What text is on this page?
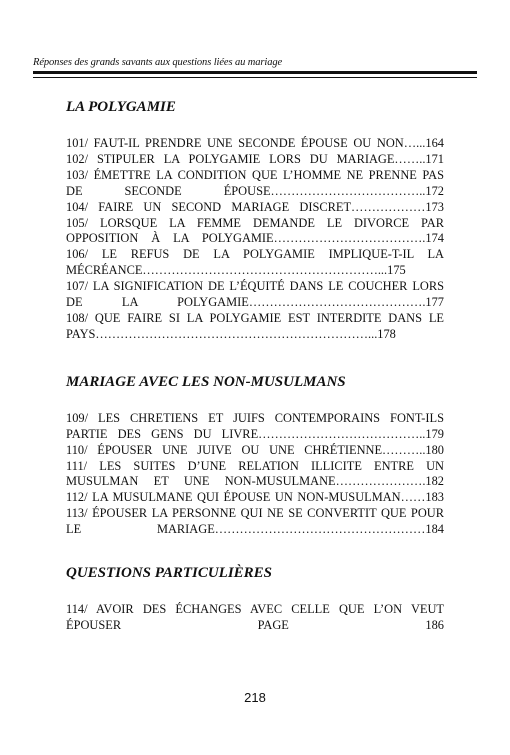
Réponses des grands savants aux questions liées au mariage
LA POLYGAMIE
101/ FAUT-IL PRENDRE UNE SECONDE ÉPOUSE OU NON…...164
102/ STIPULER LA POLYGAMIE LORS DU MARIAGE……..171
103/ ÉMETTRE LA CONDITION QUE L’HOMME NE PRENNE PAS DE SECONDE ÉPOUSE………………………………..172
104/ FAIRE UN SECOND MARIAGE DISCRET………………173
105/ LORSQUE LA FEMME DEMANDE LE DIVORCE PAR OPPOSITION À LA POLYGAMIE……………………………….174
106/ LE REFUS DE LA POLYGAMIE IMPLIQUE-T-IL LA MÉCRÉANCE…………………………………………………...175
107/ LA SIGNIFICATION DE L’ÉQUITÉ DANS LE COUCHER LORS DE LA POLYGAMIE…………………………………….177
108/ QUE FAIRE SI LA POLYGAMIE EST INTERDITE DANS LE PAYS…………………………………………………………...178
MARIAGE AVEC LES NON-MUSULMANS
109/ LES CHRETIENS ET JUIFS CONTEMPORAINS FONT-ILS PARTIE DES GENS DU LIVRE…………………………………..179
110/ ÉPOUSER UNE JUIVE OU UNE CHRÉTIENNE………..180
111/ LES SUITES D’UNE RELATION ILLICITE ENTRE UN MUSULMAN ET UNE NON-MUSULMANE………………….182
112/ LA MUSULMANE QUI ÉPOUSE UN NON-MUSULMAN……183
113/ ÉPOUSER LA PERSONNE QUI NE SE CONVERTIT QUE POUR LE MARIAGE……………………………………………184
QUESTIONS PARTICULIÈRES
114/ AVOIR DES ÉCHANGES AVEC CELLE QUE L’ON VEUT ÉPOUSER PAGE 186
218
